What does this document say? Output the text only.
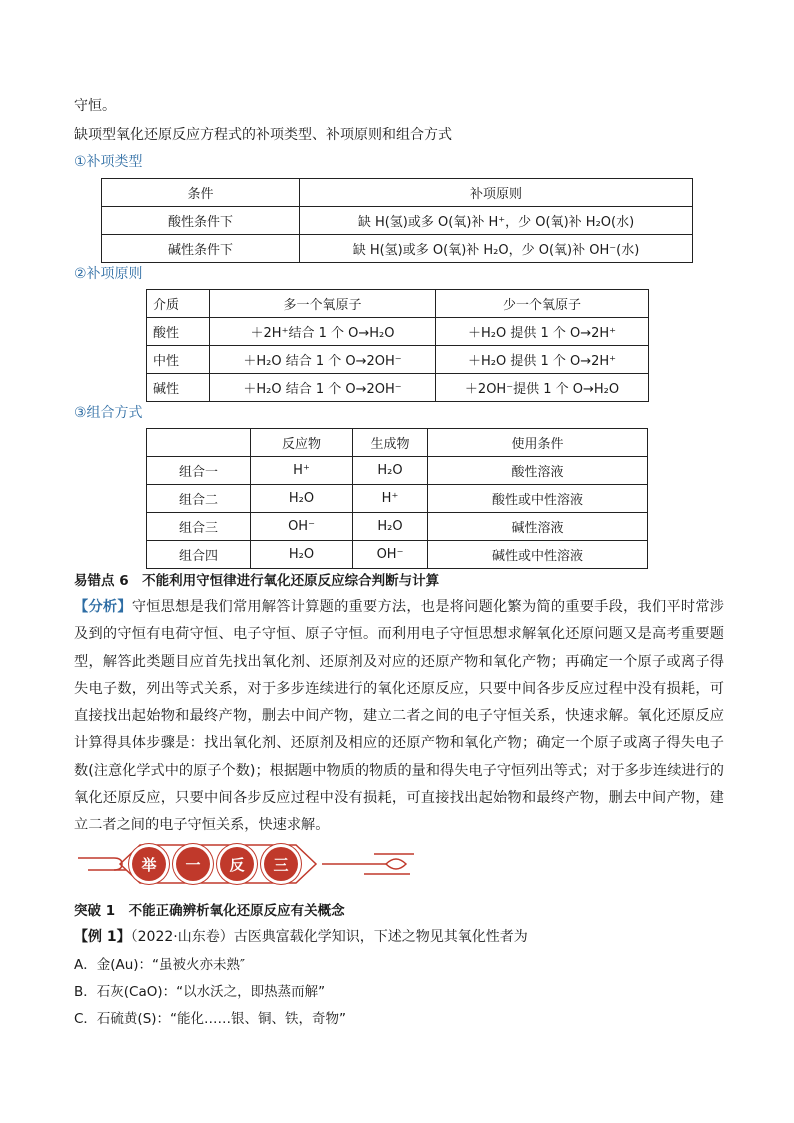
守恒。
缺项型氧化还原反应方程式的补项类型、补项原则和组合方式
①补项类型
条件	补项原则
酸性条件下	缺 H(氢)或多 O(氧)补 H⁺，少 O(氧)补 H₂O(水)
碱性条件下	缺 H(氢)或多 O(氧)补 H₂O，少 O(氧)补 OH⁻(水)
②补项原则
介质	多一个氧原子	少一个氧原子
酸性	＋2H⁺结合 1 个 O→H₂O	＋H₂O 提供 1 个 O→2H⁺
中性	＋H₂O 结合 1 个 O→2OH⁻	＋H₂O 提供 1 个 O→2H⁺
碱性	＋H₂O 结合 1 个 O→2OH⁻	＋2OH⁻提供 1 个 O→H₂O
③组合方式
	反应物	生成物	使用条件
组合一	H⁺	H₂O	酸性溶液
组合二	H₂O	H⁺	酸性或中性溶液
组合三	OH⁻	H₂O	碱性溶液
组合四	H₂O	OH⁻	碱性或中性溶液
易错点 6　不能利用守恒律进行氧化还原反应综合判断与计算
【分析】守恒思想是我们常用解答计算题的重要方法，也是将问题化繁为简的重要手段，我们平时常涉及到的守恒有电荷守恒、电子守恒、原子守恒。而利用电子守恒思想求解氧化还原问题又是高考重要题型，解答此类题目应首先找出氧化剂、还原剂及对应的还原产物和氧化产物；再确定一个原子或离子得失电子数，列出等式关系，对于多步连续进行的氧化还原反应，只要中间各步反应过程中没有损耗，可直接找出起始物和最终产物，删去中间产物，建立二者之间的电子守恒关系，快速求解。氧化还原反应计算得具体步骤是：找出氧化剂、还原剂及相应的还原产物和氧化产物；确定一个原子或离子得失电子数(注意化学式中的原子个数)；根据题中物质的物质的量和得失电子守恒列出等式；对于多步连续进行的氧化还原反应，只要中间各步反应过程中没有损耗，可直接找出起始物和最终产物，删去中间产物，建立二者之间的电子守恒关系，快速求解。
举	一	反	三
突破 1　不能正确辨析氧化还原反应有关概念
【例 1】（2022·山东卷）古医典富载化学知识，下述之物见其氧化性者为
A．金(Au)：“虽被火亦未熟″
B．石灰(CaO)：“以水沃之，即热蒸而解”
C．石硫黄(S)：“能化……银、铜、铁，奇物”
